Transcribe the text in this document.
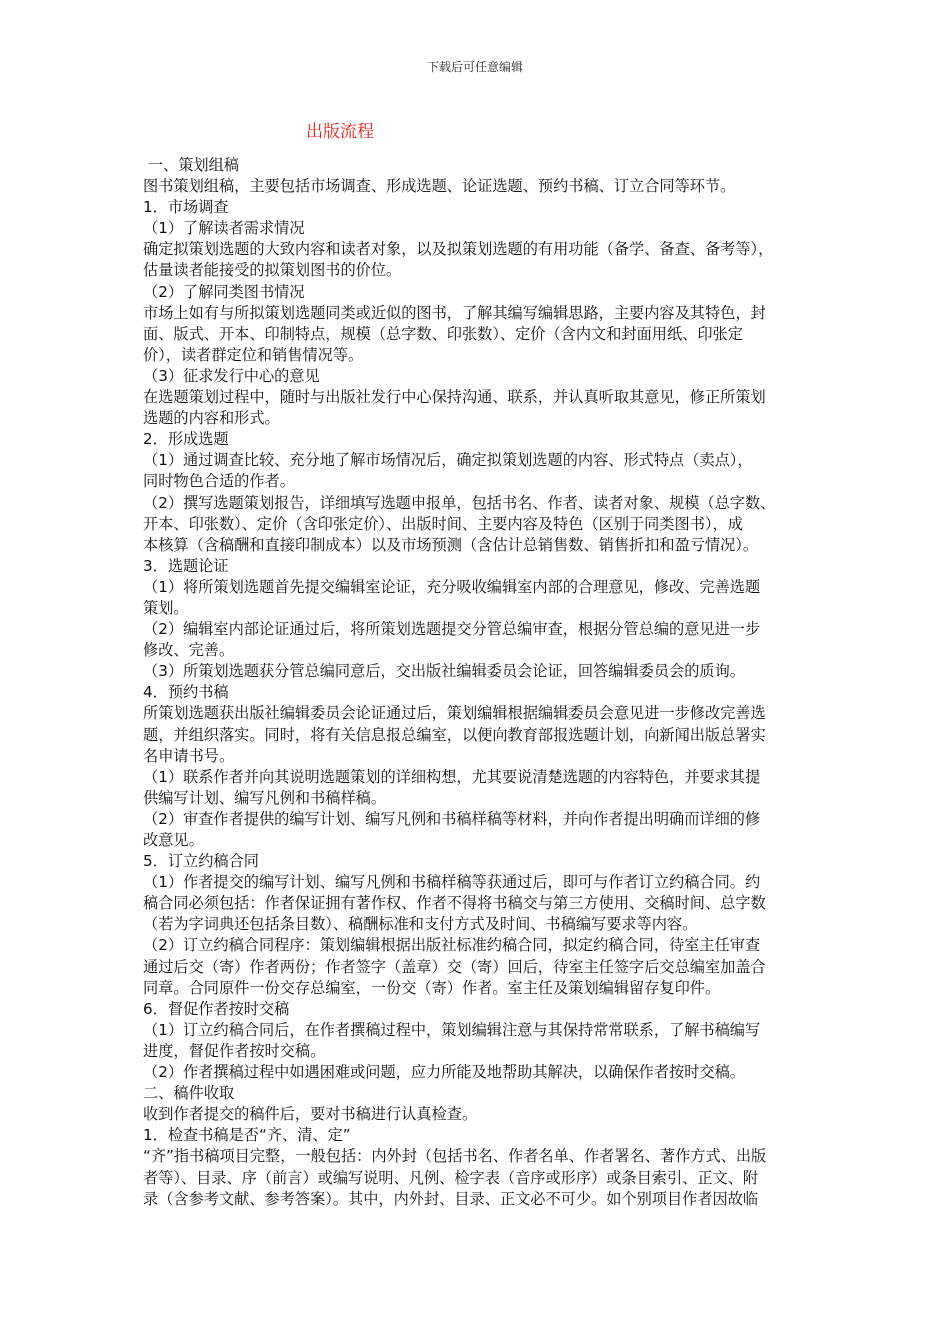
下载后可任意编辑
出版流程
一、策划组稿
图书策划组稿，主要包括市场调查、形成选题、论证选题、预约书稿、订立合同等环节。
1．市场调查
（1）了解读者需求情况
确定拟策划选题的大致内容和读者对象，以及拟策划选题的有用功能（备学、备查、备考等），
估量读者能接受的拟策划图书的价位。
（2）了解同类图书情况
市场上如有与所拟策划选题同类或近似的图书，了解其编写编辑思路，主要内容及其特色，封
面、版式、开本、印制特点，规模（总字数、印张数）、定价（含内文和封面用纸、印张定
价），读者群定位和销售情况等。
（3）征求发行中心的意见
在选题策划过程中，随时与出版社发行中心保持沟通、联系，并认真听取其意见，修正所策划
选题的内容和形式。
2．形成选题
（1）通过调查比较、充分地了解市场情况后，确定拟策划选题的内容、形式特点（卖点），
同时物色合适的作者。
（2）撰写选题策划报告，详细填写选题申报单，包括书名、作者、读者对象、规模（总字数、
开本、印张数）、定价（含印张定价）、出版时间、主要内容及特色（区别于同类图书），成
本核算（含稿酬和直接印制成本）以及市场预测（含估计总销售数、销售折扣和盈亏情况）。
3．选题论证
（1）将所策划选题首先提交编辑室论证，充分吸收编辑室内部的合理意见，修改、完善选题
策划。
（2）编辑室内部论证通过后，将所策划选题提交分管总编审查，根据分管总编的意见进一步
修改、完善。
（3）所策划选题获分管总编同意后，交出版社编辑委员会论证，回答编辑委员会的质询。
4．预约书稿
所策划选题获出版社编辑委员会论证通过后，策划编辑根据编辑委员会意见进一步修改完善选
题，并组织落实。同时，将有关信息报总编室，以便向教育部报选题计划，向新闻出版总署实
名申请书号。
（1）联系作者并向其说明选题策划的详细构想，尤其要说清楚选题的内容特色，并要求其提
供编写计划、编写凡例和书稿样稿。
（2）审查作者提供的编写计划、编写凡例和书稿样稿等材料，并向作者提出明确而详细的修
改意见。
5．订立约稿合同
（1）作者提交的编写计划、编写凡例和书稿样稿等获通过后，即可与作者订立约稿合同。约
稿合同必须包括：作者保证拥有著作权、作者不得将书稿交与第三方使用、交稿时间、总字数
（若为字词典还包括条目数）、稿酬标准和支付方式及时间、书稿编写要求等内容。
（2）订立约稿合同程序：策划编辑根据出版社标准约稿合同，拟定约稿合同，待室主任审查
通过后交（寄）作者两份；作者签字（盖章）交（寄）回后，待室主任签字后交总编室加盖合
同章。合同原件一份交存总编室，一份交（寄）作者。室主任及策划编辑留存复印件。
6．督促作者按时交稿
（1）订立约稿合同后，在作者撰稿过程中，策划编辑注意与其保持常常联系，了解书稿编写
进度，督促作者按时交稿。
（2）作者撰稿过程中如遇困难或问题，应力所能及地帮助其解决，以确保作者按时交稿。
二、稿件收取
收到作者提交的稿件后，要对书稿进行认真检查。
1．检查书稿是否“齐、清、定”
“齐”指书稿项目完整，一般包括：内外封（包括书名、作者名单、作者署名、著作方式、出版
者等）、目录、序（前言）或编写说明、凡例、检字表（音序或形序）或条目索引、正文、附
录（含参考文献、参考答案）。其中，内外封、目录、正文必不可少。如个别项目作者因故临
